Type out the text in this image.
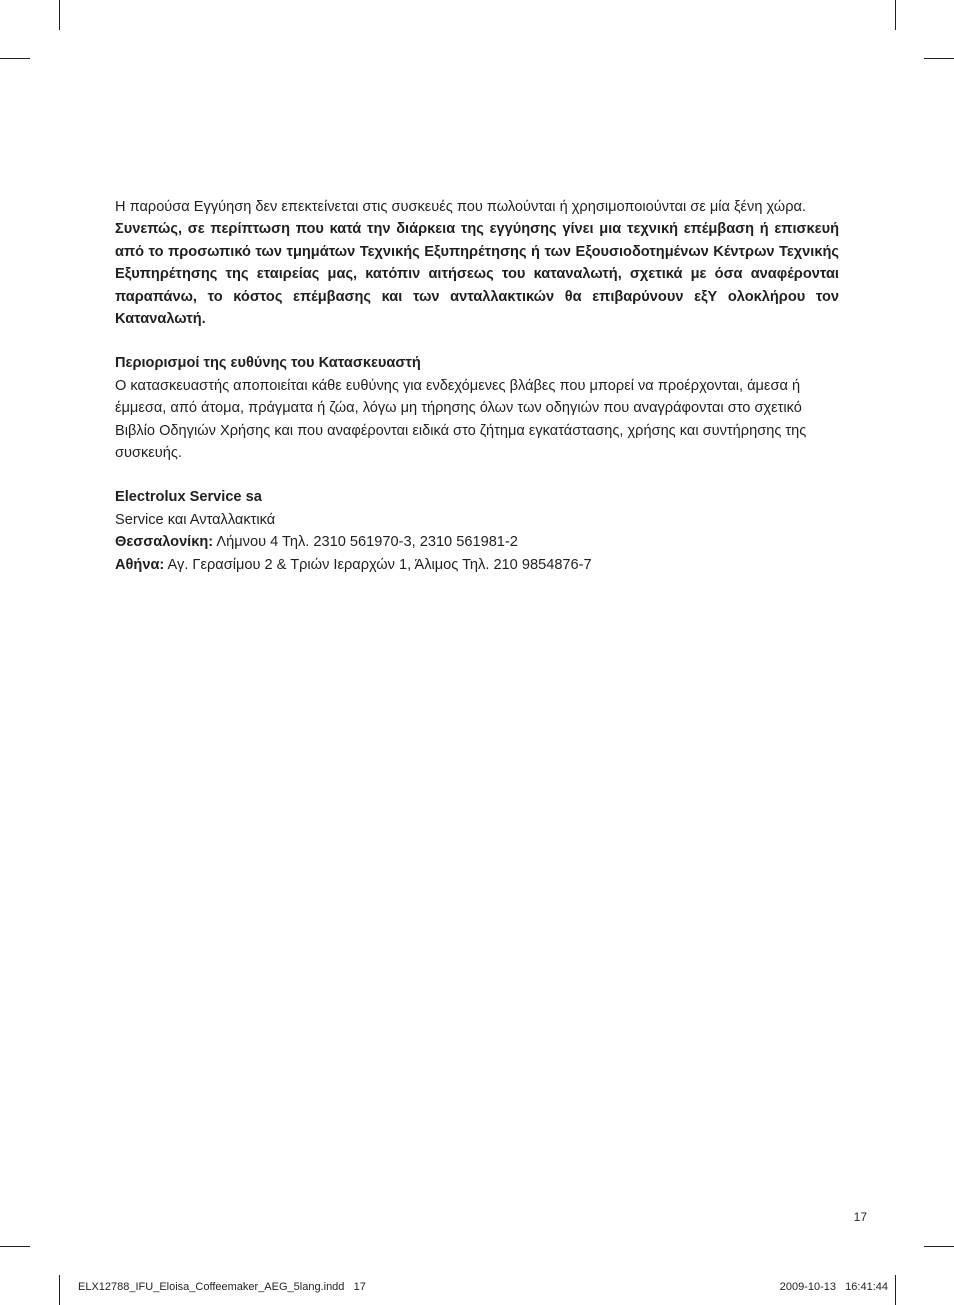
Η παρούσα Εγγύηση δεν επεκτείνεται στις συσκευές που πωλούνται ή χρησιμοποιούνται σε μία ξένη χώρα.

Συνεπώς, σε περίπτωση που κατά την διάρκεια της εγγύησης γίνει μια τεχνική επέμβαση ή επισκευή από το προσωπικό των τμημάτων Τεχνικής Εξυπηρέτησης ή των Εξουσιοδοτημένων Κέντρων Τεχνικής Εξυπηρέτησης της εταιρείας μας, κατόπιν αιτήσεως του καταναλωτή, σχετικά με όσα αναφέρονται παραπάνω, το κόστος επέμβασης και των ανταλλακτικών θα επιβαρύνουν εξΥ ολοκλήρου τον Καταναλωτή.

Περιορισμοί της ευθύνης του Κατασκευαστή

Ο κατασκευαστής αποποιείται κάθε ευθύνης για ενδεχόμενες βλάβες που μπορεί να προέρχονται, άμεσα ή έμμεσα, από άτομα, πράγματα ή ζώα, λόγω μη τήρησης όλων των οδηγιών που αναγράφονται στο σχετικό Βιβλίο Οδηγιών Χρήσης και που αναφέρονται ειδικά στο ζήτημα εγκατάστασης, χρήσης και συντήρησης της συσκευής.

Electrolux Service sa

Service και Ανταλλακτικά

Θεσσαλονίκη: Λήμνου 4 Τηλ. 2310 561970-3, 2310 561981-2

Αθήνα: Αγ. Γερασίμου 2 & Τριών Ιεραρχών 1, Άλιμος Τηλ. 210 9854876-7

17
ELX12788_IFU_Eloisa_Coffeemaker_AEG_5lang.indd   17	2009-10-13   16:41:44
